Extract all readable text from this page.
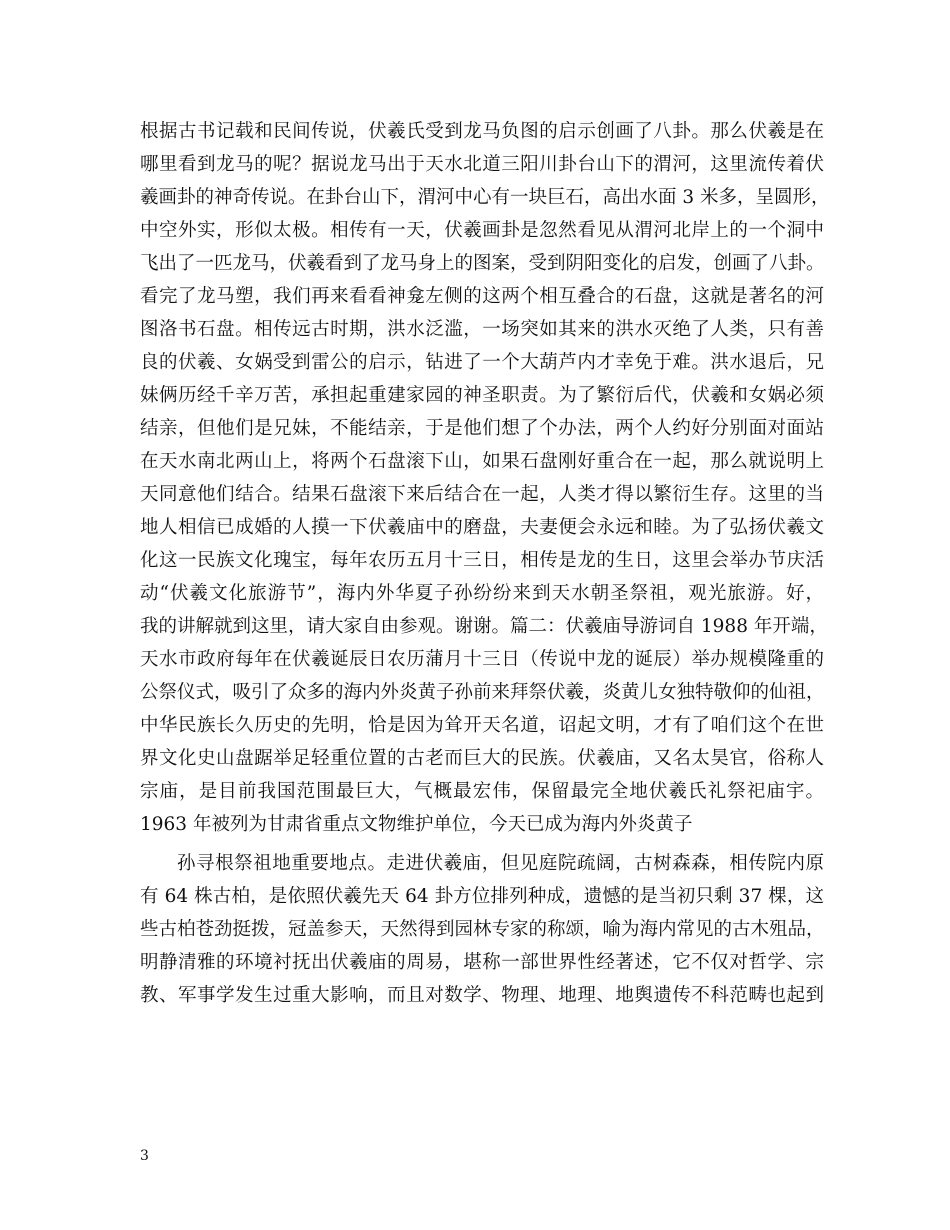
根据古书记载和民间传说，伏羲氏受到龙马负图的启示创画了八卦。那么伏羲是在
哪里看到龙马的呢？据说龙马出于天水北道三阳川卦台山下的渭河，这里流传着伏
羲画卦的神奇传说。在卦台山下，渭河中心有一块巨石，高出水面 3 米多，呈圆形，
中空外实，形似太极。相传有一天，伏羲画卦是忽然看见从渭河北岸上的一个洞中
飞出了一匹龙马，伏羲看到了龙马身上的图案，受到阴阳变化的启发，创画了八卦。
看完了龙马塑，我们再来看看神龛左侧的这两个相互叠合的石盘，这就是著名的河
图洛书石盘。相传远古时期，洪水泛滥，一场突如其来的洪水灭绝了人类，只有善
良的伏羲、女娲受到雷公的启示，钻进了一个大葫芦内才幸免于难。洪水退后，兄
妹俩历经千辛万苦，承担起重建家园的神圣职责。为了繁衍后代，伏羲和女娲必须
结亲，但他们是兄妹，不能结亲，于是他们想了个办法，两个人约好分别面对面站
在天水南北两山上，将两个石盘滚下山，如果石盘刚好重合在一起，那么就说明上
天同意他们结合。结果石盘滚下来后结合在一起，人类才得以繁衍生存。这里的当
地人相信已成婚的人摸一下伏羲庙中的磨盘，夫妻便会永远和睦。为了弘扬伏羲文
化这一民族文化瑰宝，每年农历五月十三日，相传是龙的生日，这里会举办节庆活
动“伏羲文化旅游节”，海内外华夏子孙纷纷来到天水朝圣祭祖，观光旅游。好，
我的讲解就到这里，请大家自由参观。谢谢。篇二：伏羲庙导游词自 1988 年开端，
天水市政府每年在伏羲诞辰日农历蒲月十三日（传说中龙的诞辰）举办规模隆重的
公祭仪式，吸引了众多的海内外炎黄子孙前来拜祭伏羲，炎黄儿女独特敬仰的仙祖，
中华民族长久历史的先明，恰是因为耸开天名道，诏起文明，才有了咱们这个在世
界文化史山盘踞举足轻重位置的古老而巨大的民族。伏羲庙，又名太昊官，俗称人
宗庙，是目前我国范围最巨大，气概最宏伟，保留最完全地伏羲氏礼祭祀庙宇。
1963 年被列为甘肃省重点文物维护单位，今天已成为海内外炎黄子
孙寻根祭祖地重要地点。走进伏羲庙，但见庭院疏阔，古树森森，相传院内原
有 64 株古柏，是依照伏羲先天 64 卦方位排列种成，遗憾的是当初只剩 37 棵，这
些古柏苍劲挺拨，冠盖参天，天然得到园林专家的称颂，喻为海内常见的古木殂品，
明静清雅的环境衬抚出伏羲庙的周易，堪称一部世界性经著述，它不仅对哲学、宗
教、军事学发生过重大影响，而且对数学、物理、地理、地舆遗传不科范畴也起到
3
